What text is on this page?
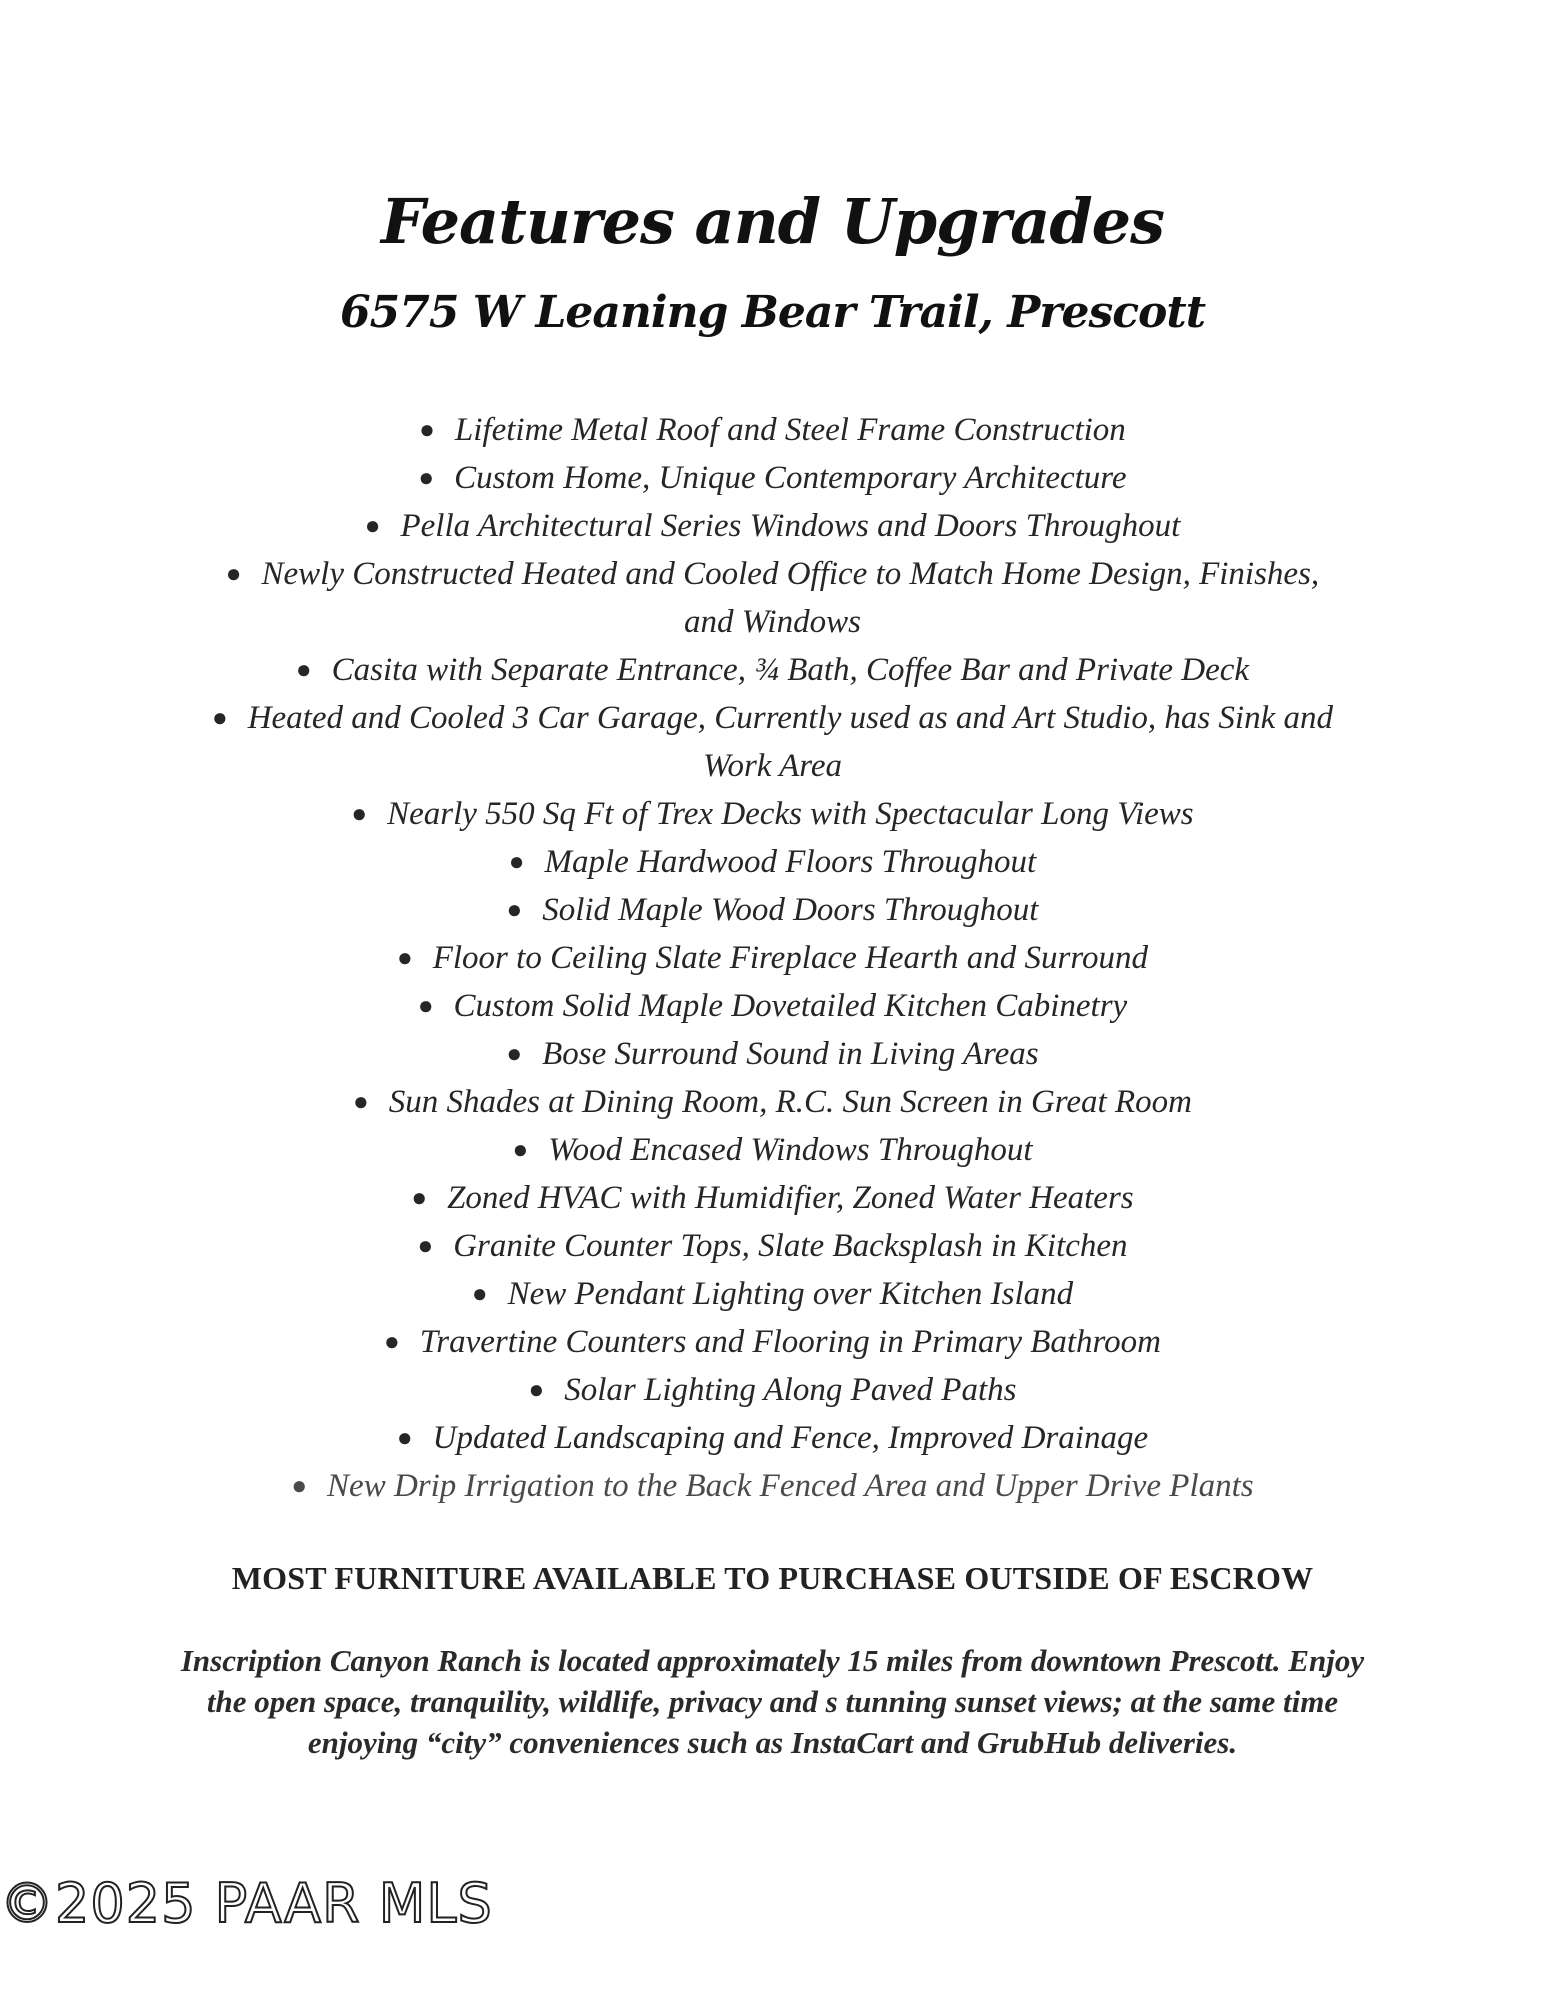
Features and Upgrades
6575 W Leaning Bear Trail, Prescott
● Lifetime Metal Roof and Steel Frame Construction
● Custom Home, Unique Contemporary Architecture
● Pella Architectural Series Windows and Doors Throughout
● Newly Constructed Heated and Cooled Office to Match Home Design, Finishes, and Windows
● Casita with Separate Entrance, ¾ Bath, Coffee Bar and Private Deck
● Heated and Cooled 3 Car Garage, Currently used as and Art Studio, has Sink and Work Area
● Nearly 550 Sq Ft of Trex Decks with Spectacular Long Views
● Maple Hardwood Floors Throughout
● Solid Maple Wood Doors Throughout
● Floor to Ceiling Slate Fireplace Hearth and Surround
● Custom Solid Maple Dovetailed Kitchen Cabinetry
● Bose Surround Sound in Living Areas
● Sun Shades at Dining Room, R.C. Sun Screen in Great Room
● Wood Encased Windows Throughout
● Zoned HVAC with Humidifier, Zoned Water Heaters
● Granite Counter Tops, Slate Backsplash in Kitchen
● New Pendant Lighting over Kitchen Island
● Travertine Counters and Flooring in Primary Bathroom
● Solar Lighting Along Paved Paths
● Updated Landscaping and Fence, Improved Drainage
● New Drip Irrigation to the Back Fenced Area and Upper Drive Plants

MOST FURNITURE AVAILABLE TO PURCHASE OUTSIDE OF ESCROW

Inscription Canyon Ranch is located approximately 15 miles from downtown Prescott. Enjoy the open space, tranquility, wildlife, privacy and s tunning sunset views; at the same time enjoying “city” conveniences such as InstaCart and GrubHub deliveries.

©2025 PAAR MLS
